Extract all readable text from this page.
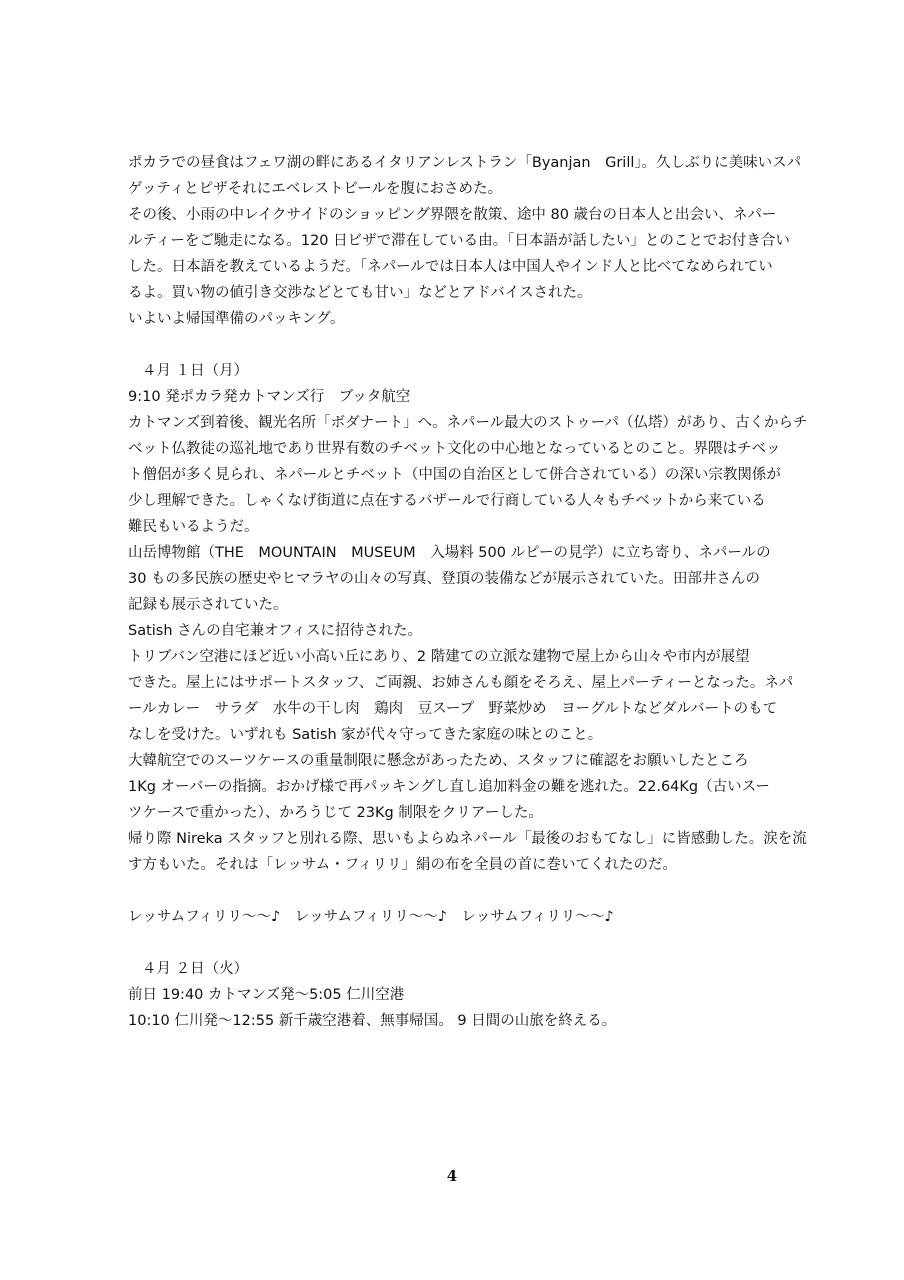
ポカラでの昼食はフェワ湖の畔にあるイタリアンレストラン「Byanjan　Grill」。久しぶりに美味いスパ
ゲッティとピザそれにエベレストビールを腹におさめた。
その後、小雨の中レイクサイドのショッピング界隈を散策、途中 80 歳台の日本人と出会い、ネパー
ルティーをご馳走になる。120 日ビザで滞在している由。「日本語が話したい」とのことでお付き合い
した。日本語を教えているようだ。「ネパールでは日本人は中国人やインド人と比べてなめられてい
るよ。買い物の値引き交渉などとても甘い」などとアドバイスされた。
いよいよ帰国準備のパッキング。
４月 １日（月）
9:10 発ポカラ発カトマンズ行　ブッタ航空
カトマンズ到着後、観光名所「ボダナート」へ。ネパール最大のストゥーパ（仏塔）があり、古くからチ
ベット仏教徒の巡礼地であり世界有数のチベット文化の中心地となっているとのこと。界隈はチベッ
ト僧侶が多く見られ、ネパールとチベット（中国の自治区として併合されている）の深い宗教関係が
少し理解できた。しゃくなげ街道に点在するバザールで行商している人々もチベットから来ている
難民もいるようだ。
山岳博物館（THE　MOUNTAIN　MUSEUM　入場料 500 ルピーの見学）に立ち寄り、ネパールの
30 もの多民族の歴史やヒマラヤの山々の写真、登頂の装備などが展示されていた。田部井さんの
記録も展示されていた。
Satish さんの自宅兼オフィスに招待された。
トリブバン空港にほど近い小高い丘にあり、2 階建ての立派な建物で屋上から山々や市内が展望
できた。屋上にはサポートスタッフ、ご両親、お姉さんも顔をそろえ、屋上パーティーとなった。ネパ
ールカレー　サラダ　水牛の干し肉　鶏肉　豆スープ　野菜炒め　ヨーグルトなどダルバートのもて
なしを受けた。いずれも Satish 家が代々守ってきた家庭の味とのこと。
大韓航空でのスーツケースの重量制限に懸念があったため、スタッフに確認をお願いしたところ
1Kg オーバーの指摘。おかげ様で再パッキングし直し追加料金の難を逃れた。22.64Kg（古いスー
ツケースで重かった）、かろうじて 23Kg 制限をクリアーした。
帰り際 Nireka スタッフと別れる際、思いもよらぬネパール「最後のおもてなし」に皆感動した。涙を流
す方もいた。それは「レッサム・フィリリ」絹の布を全員の首に巻いてくれたのだ。
レッサムフィリリ～～♪　レッサムフィリリ～～♪　レッサムフィリリ～～♪
４月 ２日（火）
前日 19:40 カトマンズ発～5:05 仁川空港
10:10 仁川発～12:55 新千歳空港着、無事帰国。 9 日間の山旅を終える。
4
